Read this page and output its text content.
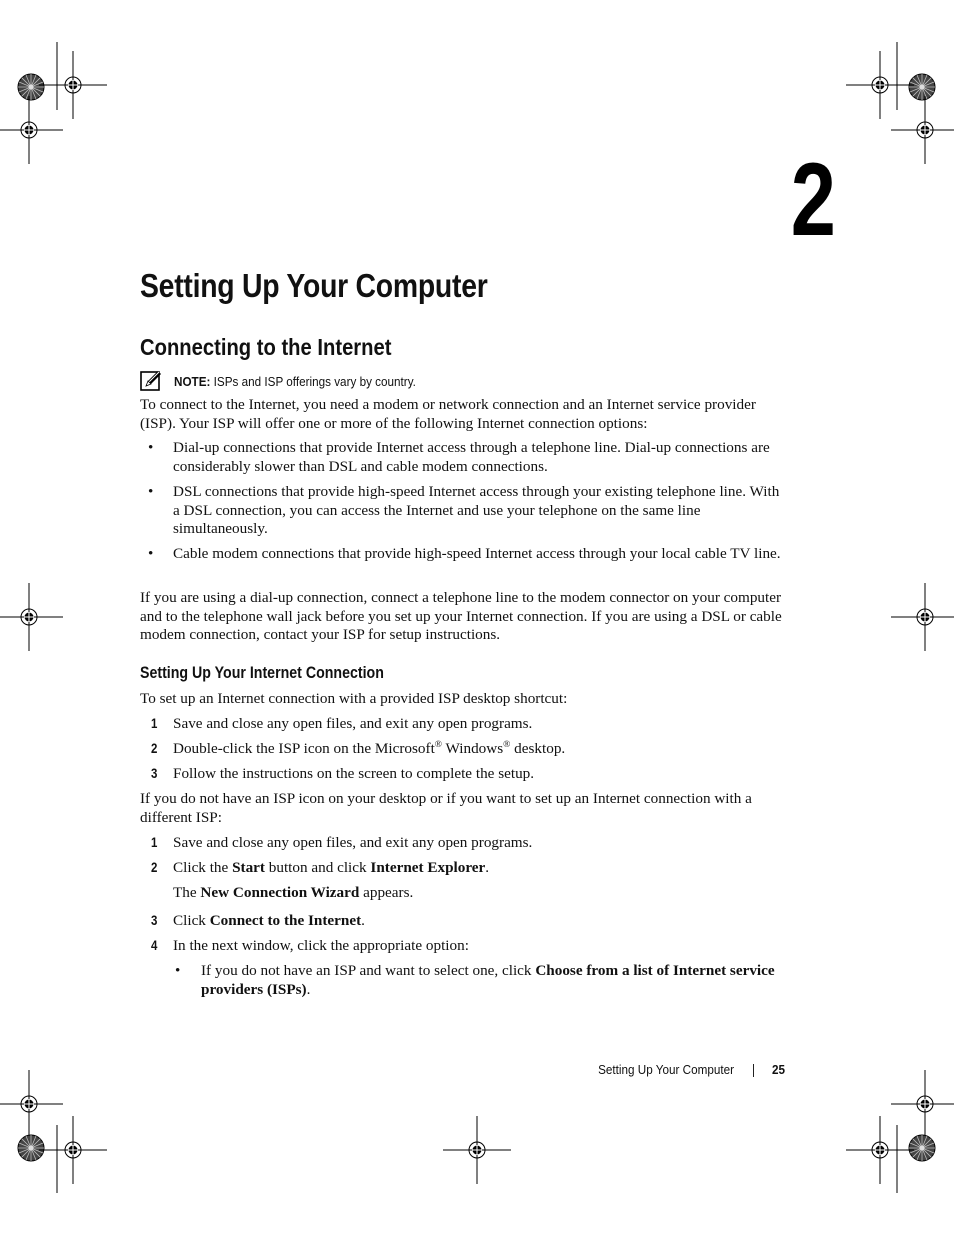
2
Setting Up Your Computer
Connecting to the Internet
NOTE: ISPs and ISP offerings vary by country.

To connect to the Internet, you need a modem or network connection and an Internet service provider (ISP). Your ISP will offer one or more of the following Internet connection options:

• Dial-up connections that provide Internet access through a telephone line. Dial-up connections are considerably slower than DSL and cable modem connections.
• DSL connections that provide high-speed Internet access through your existing telephone line. With a DSL connection, you can access the Internet and use your telephone on the same line simultaneously.
• Cable modem connections that provide high-speed Internet access through your local cable TV line.

If you are using a dial-up connection, connect a telephone line to the modem connector on your computer and to the telephone wall jack before you set up your Internet connection. If you are using a DSL or cable modem connection, contact your ISP for setup instructions.

Setting Up Your Internet Connection

To set up an Internet connection with a provided ISP desktop shortcut:

1 Save and close any open files, and exit any open programs.
2 Double-click the ISP icon on the Microsoft® Windows® desktop.
3 Follow the instructions on the screen to complete the setup.

If you do not have an ISP icon on your desktop or if you want to set up an Internet connection with a different ISP:

1 Save and close any open files, and exit any open programs.
2 Click the Start button and click Internet Explorer.
The New Connection Wizard appears.
3 Click Connect to the Internet.
4 In the next window, click the appropriate option:
• If you do not have an ISP and want to select one, click Choose from a list of Internet service providers (ISPs).
Setting Up Your Computer	25
